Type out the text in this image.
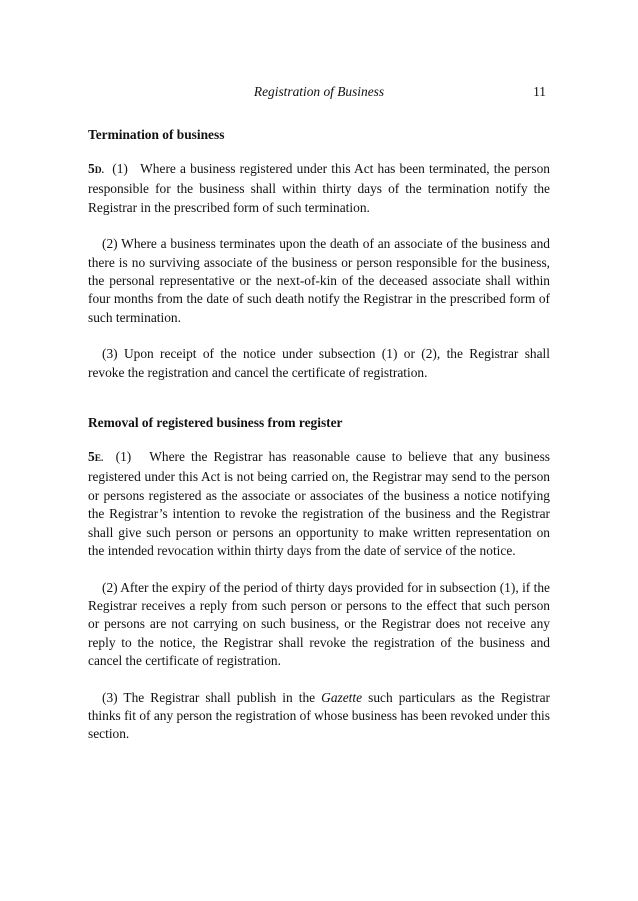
Registration of Business	11
Termination of business

5D. (1) Where a business registered under this Act has been terminated, the person responsible for the business shall within thirty days of the termination notify the Registrar in the prescribed form of such termination.

(2) Where a business terminates upon the death of an associate of the business and there is no surviving associate of the business or person responsible for the business, the personal representative or the next-of-kin of the deceased associate shall within four months from the date of such death notify the Registrar in the prescribed form of such termination.

(3) Upon receipt of the notice under subsection (1) or (2), the Registrar shall revoke the registration and cancel the certificate of registration.

Removal of registered business from register

5E. (1) Where the Registrar has reasonable cause to believe that any business registered under this Act is not being carried on, the Registrar may send to the person or persons registered as the associate or associates of the business a notice notifying the Registrar’s intention to revoke the registration of the business and the Registrar shall give such person or persons an opportunity to make written representation on the intended revocation within thirty days from the date of service of the notice.

(2) After the expiry of the period of thirty days provided for in subsection (1), if the Registrar receives a reply from such person or persons to the effect that such person or persons are not carrying on such business, or the Registrar does not receive any reply to the notice, the Registrar shall revoke the registration of the business and cancel the certificate of registration.

(3) The Registrar shall publish in the Gazette such particulars as the Registrar thinks fit of any person the registration of whose business has been revoked under this section.
